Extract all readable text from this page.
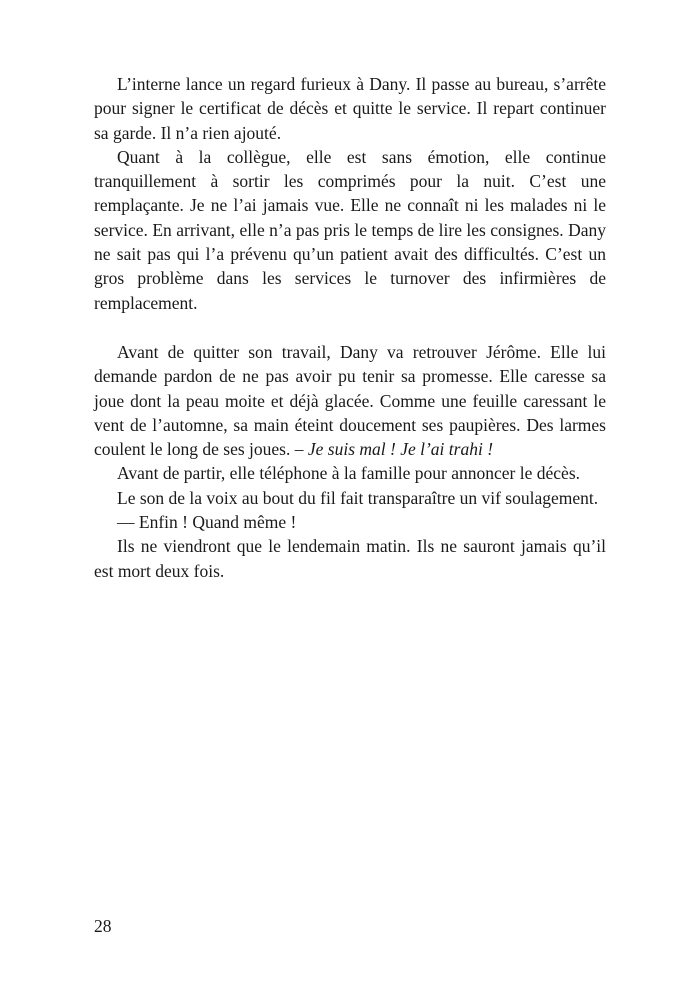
L’interne lance un regard furieux à Dany. Il passe au bureau, s’arrête pour signer le certificat de décès et quitte le service. Il repart continuer sa garde. Il n’a rien ajouté.

Quant à la collègue, elle est sans émotion, elle continue tranquillement à sortir les comprimés pour la nuit. C’est une remplaçante. Je ne l’ai jamais vue. Elle ne connaît ni les malades ni le service. En arrivant, elle n’a pas pris le temps de lire les consignes. Dany ne sait pas qui l’a prévenu qu’un patient avait des difficultés. C’est un gros problème dans les services le turnover des infirmières de remplacement.

Avant de quitter son travail, Dany va retrouver Jérôme. Elle lui demande pardon de ne pas avoir pu tenir sa promesse. Elle caresse sa joue dont la peau moite et déjà glacée. Comme une feuille caressant le vent de l’automne, sa main éteint doucement ses paupières. Des larmes coulent le long de ses joues. – Je suis mal ! Je l’ai trahi !

Avant de partir, elle téléphone à la famille pour annoncer le décès.

Le son de la voix au bout du fil fait transparaître un vif soulagement.

— Enfin ! Quand même !

Ils ne viendront que le lendemain matin. Ils ne sauront jamais qu’il est mort deux fois.

28
